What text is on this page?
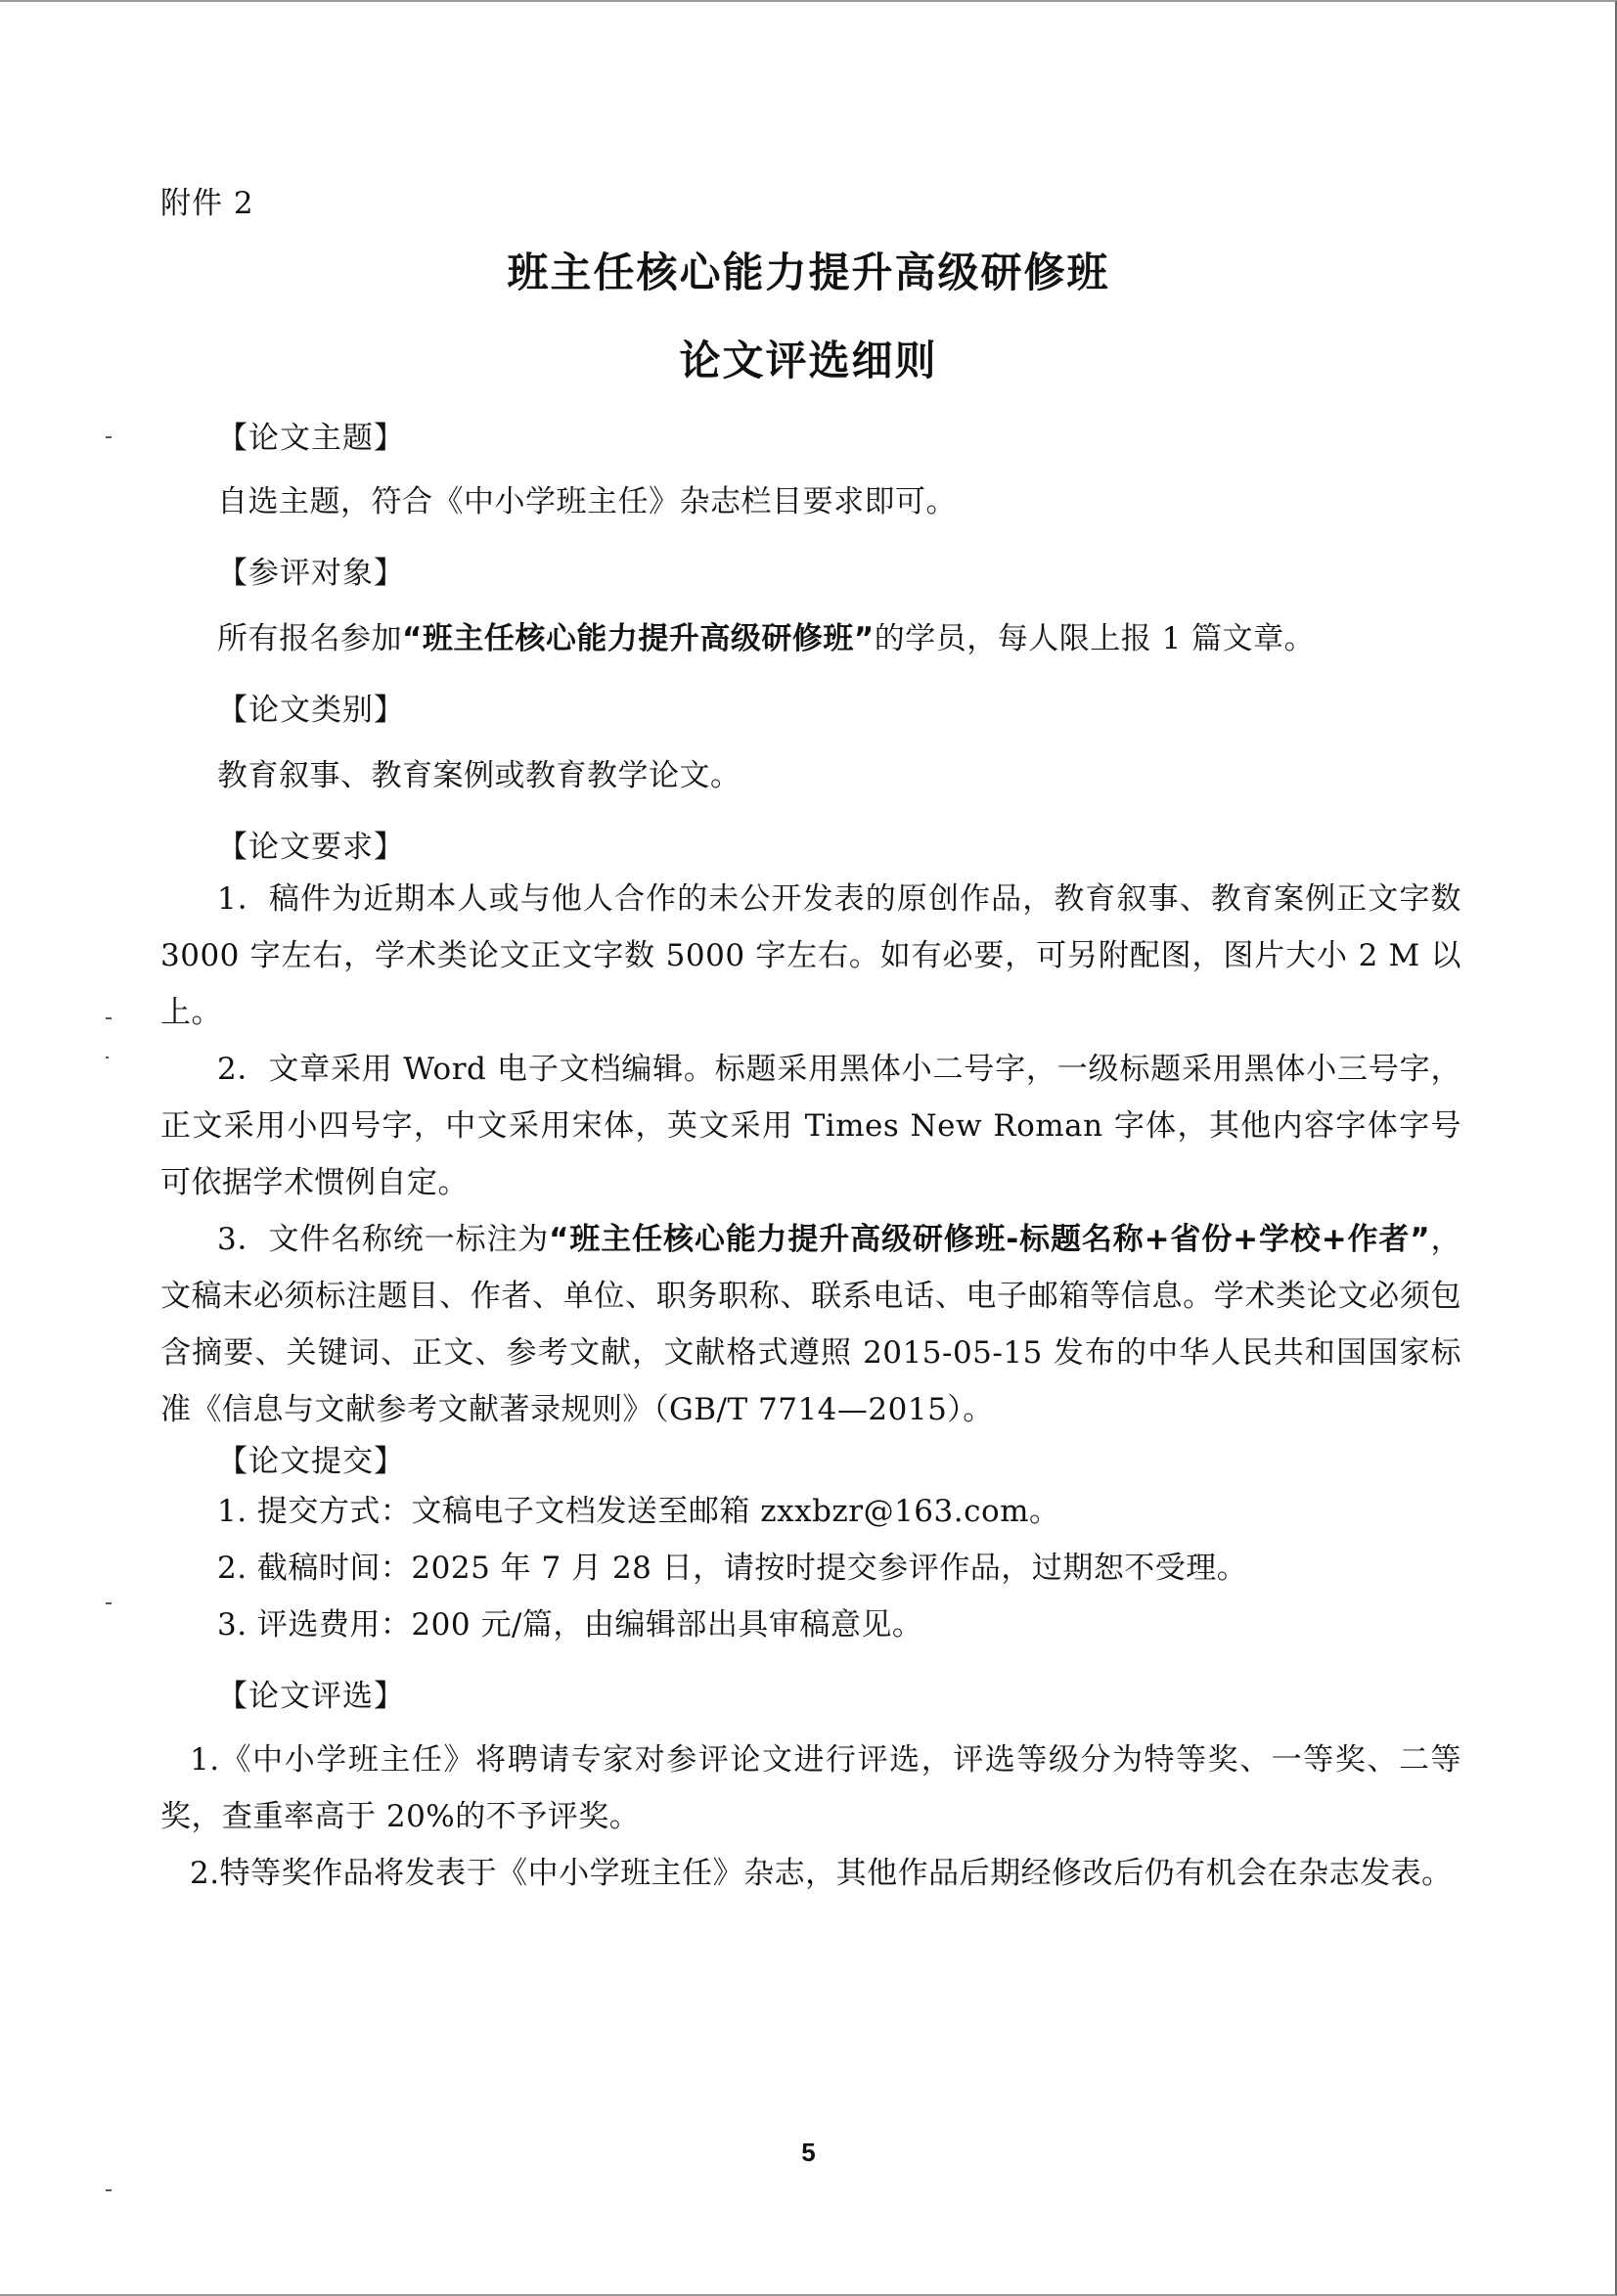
附件 2
班主任核心能力提升高级研修班
论文评选细则
【论文主题】
自选主题，符合《中小学班主任》杂志栏目要求即可。
【参评对象】
所有报名参加“班主任核心能力提升高级研修班”的学员，每人限上报 1 篇文章。
【论文类别】
教育叙事、教育案例或教育教学论文。
【论文要求】
1．稿件为近期本人或与他人合作的未公开发表的原创作品，教育叙事、教育案例正文字数 3000 字左右，学术类论文正文字数 5000 字左右。如有必要，可另附配图，图片大小 2 M 以上。
2．文章采用 Word 电子文档编辑。标题采用黑体小二号字，一级标题采用黑体小三号字，正文采用小四号字，中文采用宋体，英文采用 Times New Roman 字体，其他内容字体字号可依据学术惯例自定。
3．文件名称统一标注为“班主任核心能力提升高级研修班-标题名称+省份+学校+作者”，文稿末必须标注题目、作者、单位、职务职称、联系电话、电子邮箱等信息。学术类论文必须包含摘要、关键词、正文、参考文献，文献格式遵照 2015-05-15 发布的中华人民共和国国家标准《信息与文献参考文献著录规则》（GB/T 7714—2015）。
【论文提交】
1. 提交方式：文稿电子文档发送至邮箱 zxxbzr@163.com。
2. 截稿时间：2025 年 7 月 28 日，请按时提交参评作品，过期恕不受理。
3. 评选费用：200 元/篇，由编辑部出具审稿意见。
【论文评选】
1.《中小学班主任》将聘请专家对参评论文进行评选，评选等级分为特等奖、一等奖、二等奖，查重率高于 20%的不予评奖。
2.特等奖作品将发表于《中小学班主任》杂志，其他作品后期经修改后仍有机会在杂志发表。
5
